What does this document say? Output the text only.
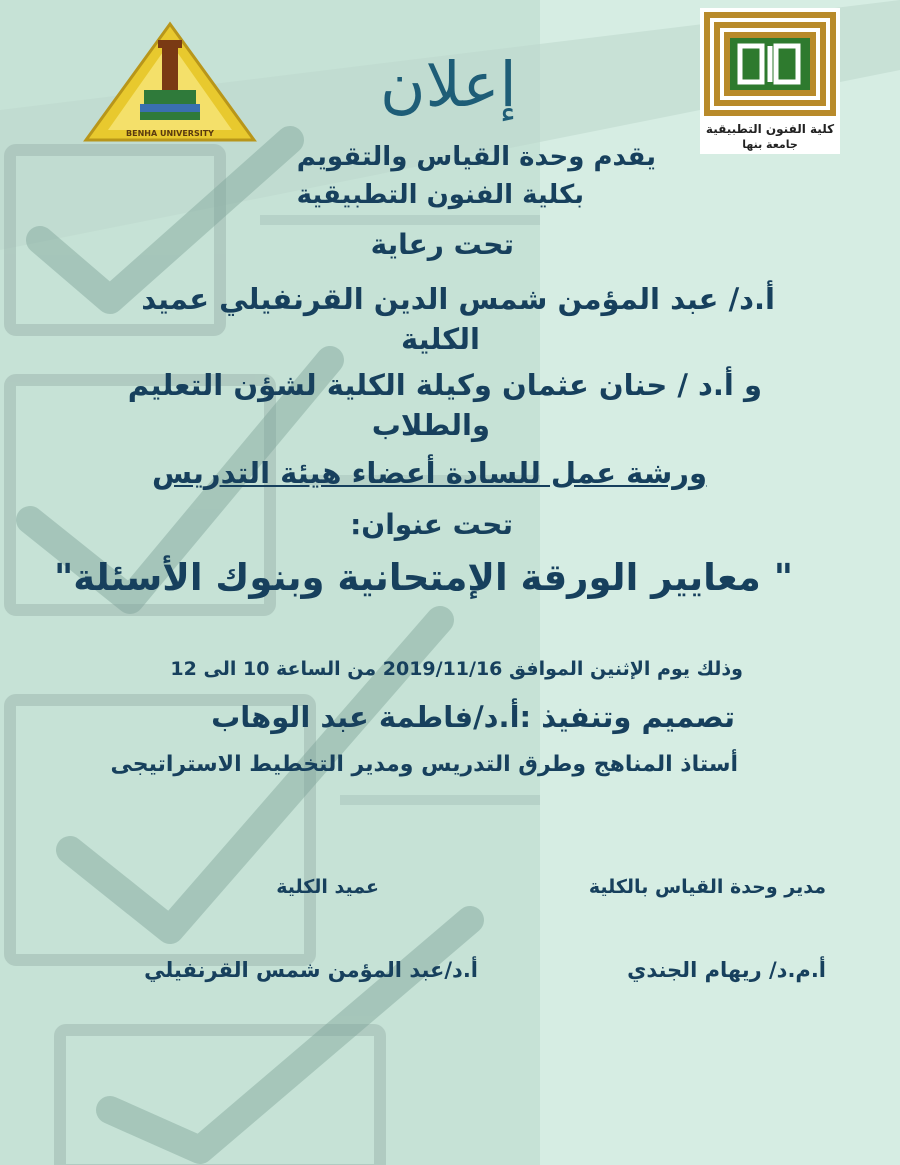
BENHA UNIVERSITY	كلية الفنون التطبيقية
جامعة بنها
إعلان
يقدم وحدة القياس والتقويم
بكلية الفنون التطبيقية
تحت رعاية
أ.د/ عبد المؤمن شمس الدين القرنفيلي عميد
الكلية
و أ.د / حنان عثمان وكيلة الكلية لشؤن التعليم
والطلاب
ورشة عمل للسادة أعضاء هيئة التدريس
تحت عنوان:
" معايير الورقة الإمتحانية وبنوك الأسئلة"
وذلك يوم الإثنين الموافق 2019/11/16 من الساعة 10 الى 12
تصميم وتنفيذ :أ.د/فاطمة عبد الوهاب
أستاذ المناهج وطرق التدريس ومدير التخطيط الاستراتيجى
مدير وحدة القياس بالكلية
عميد الكلية
أ.م.د/ ريهام الجندي
أ.د/عبد المؤمن شمس القرنفيلي
